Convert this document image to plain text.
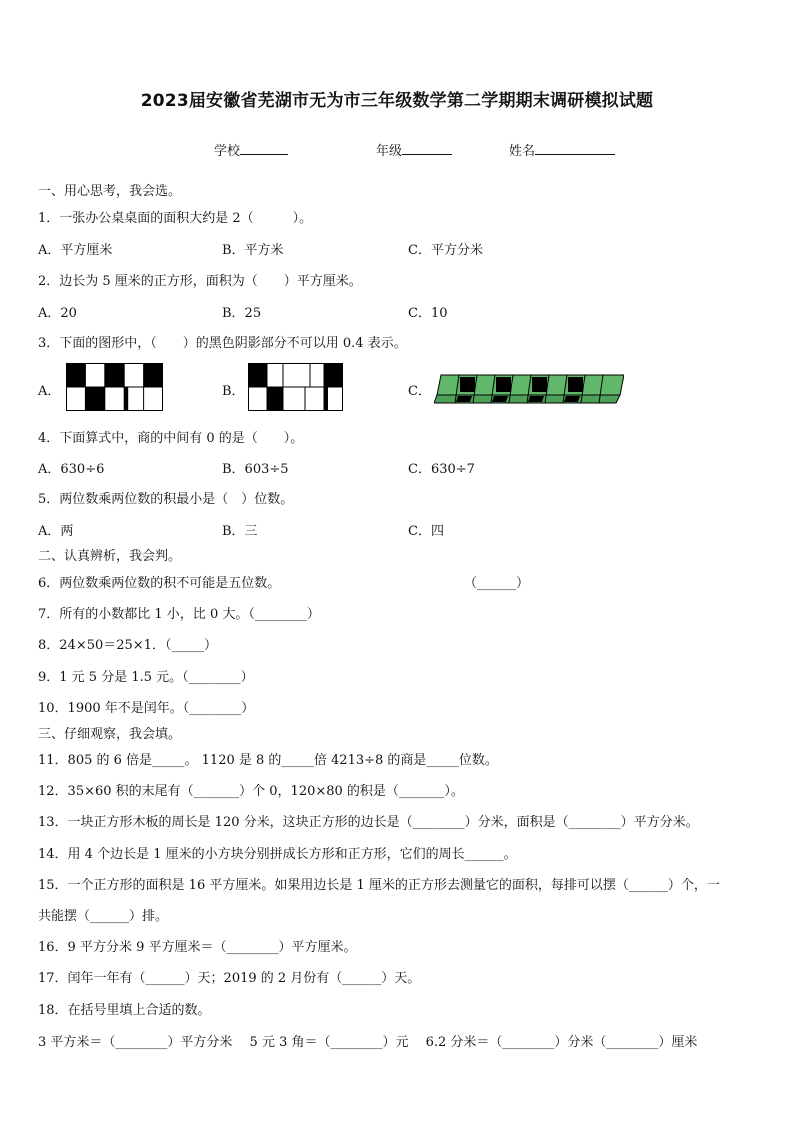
2023届安徽省芜湖市无为市三年级数学第二学期期末调研模拟试题
学校	年级	姓名
一、用心思考，我会选。
1．一张办公桌桌面的面积大约是 2（　　　）。
A．平方厘米	B．平方米	C．平方分米
2．边长为 5 厘米的正方形，面积为（　　）平方厘米。
A．20	B．25	C．10
3．下面的图形中，（　　）的黑色阴影部分不可以用 0.4 表示。
A．	B．	C．
4．下面算式中，商的中间有 0 的是（　　）。
A．630÷6	B．603÷5	C．630÷7
5．两位数乘两位数的积最小是（　）位数。
A．两	B．三	C．四
二、认真辨析，我会判。
6．两位数乘两位数的积不可能是五位数。	（______）
7．所有的小数都比 1 小，比 0 大。（________）
8．24×50＝25×1．（_____）
9．1 元 5 分是 1.5 元。（________）
10．1900 年不是闰年。（________）
三、仔细观察，我会填。
11．805 的 6 倍是_____。 1120 是 8 的_____倍 4213÷8 的商是_____位数。
12．35×60 积的末尾有（_______）个 0，120×80 的积是（_______）。
13．一块正方形木板的周长是 120 分米，这块正方形的边长是（________）分米，面积是（________）平方分米。
14．用 4 个边长是 1 厘米的小方块分别拼成长方形和正方形，它们的周长______。
15．一个正方形的面积是 16 平方厘米。如果用边长是 1 厘米的正方形去测量它的面积，每排可以摆（______）个，一
共能摆（______）排。
16．9 平方分米 9 平方厘米＝（________）平方厘米。
17．闰年一年有（______）天；2019 的 2 月份有（______）天。
18．在括号里填上合适的数。
3 平方米＝（________）平方分米　 5 元 3 角＝（________）元　 6.2 分米＝（________）分米（________）厘米
